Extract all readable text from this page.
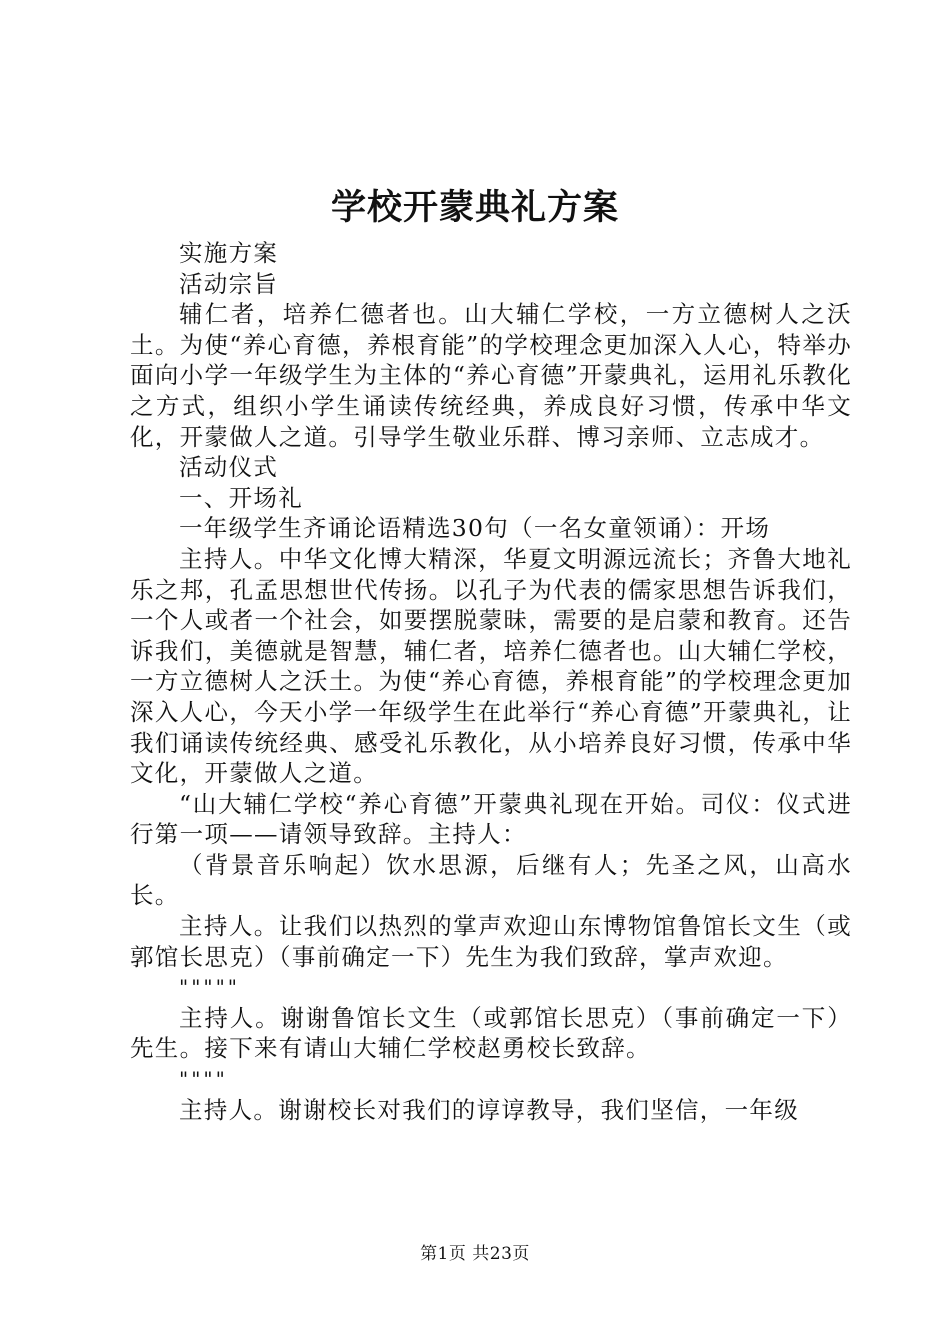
学校开蒙典礼方案

实施方案

活动宗旨

辅仁者，培养仁德者也。山大辅仁学校，一方立德树人之沃土。为使“养心育德，养根育能”的学校理念更加深入人心，特举办面向小学一年级学生为主体的“养心育德”开蒙典礼，运用礼乐教化之方式，组织小学生诵读传统经典，养成良好习惯，传承中华文化，开蒙做人之道。引导学生敬业乐群、博习亲师、立志成才。

活动仪式

一、开场礼

一年级学生齐诵论语精选30句（一名女童领诵）：开场

主持人。中华文化博大精深，华夏文明源远流长；齐鲁大地礼乐之邦，孔孟思想世代传扬。以孔子为代表的儒家思想告诉我们，一个人或者一个社会，如要摆脱蒙昧，需要的是启蒙和教育。还告诉我们，美德就是智慧，辅仁者，培养仁德者也。山大辅仁学校，一方立德树人之沃土。为使“养心育德，养根育能”的学校理念更加深入人心，今天小学一年级学生在此举行“养心育德”开蒙典礼，让我们诵读传统经典、感受礼乐教化，从小培养良好习惯，传承中华文化，开蒙做人之道。

“山大辅仁学校“养心育德”开蒙典礼现在开始。司仪：仪式进行第一项——请领导致辞。主持人：

（背景音乐响起）饮水思源，后继有人；先圣之风，山高水长。

主持人。让我们以热烈的掌声欢迎山东博物馆鲁馆长文生（或郭馆长思克）（事前确定一下）先生为我们致辞，掌声欢迎。

"""""

主持人。谢谢鲁馆长文生（或郭馆长思克）（事前确定一下）先生。接下来有请山大辅仁学校赵勇校长致辞。

""""

主持人。谢谢校长对我们的谆谆教导，我们坚信，一年级

第1页 共23页
